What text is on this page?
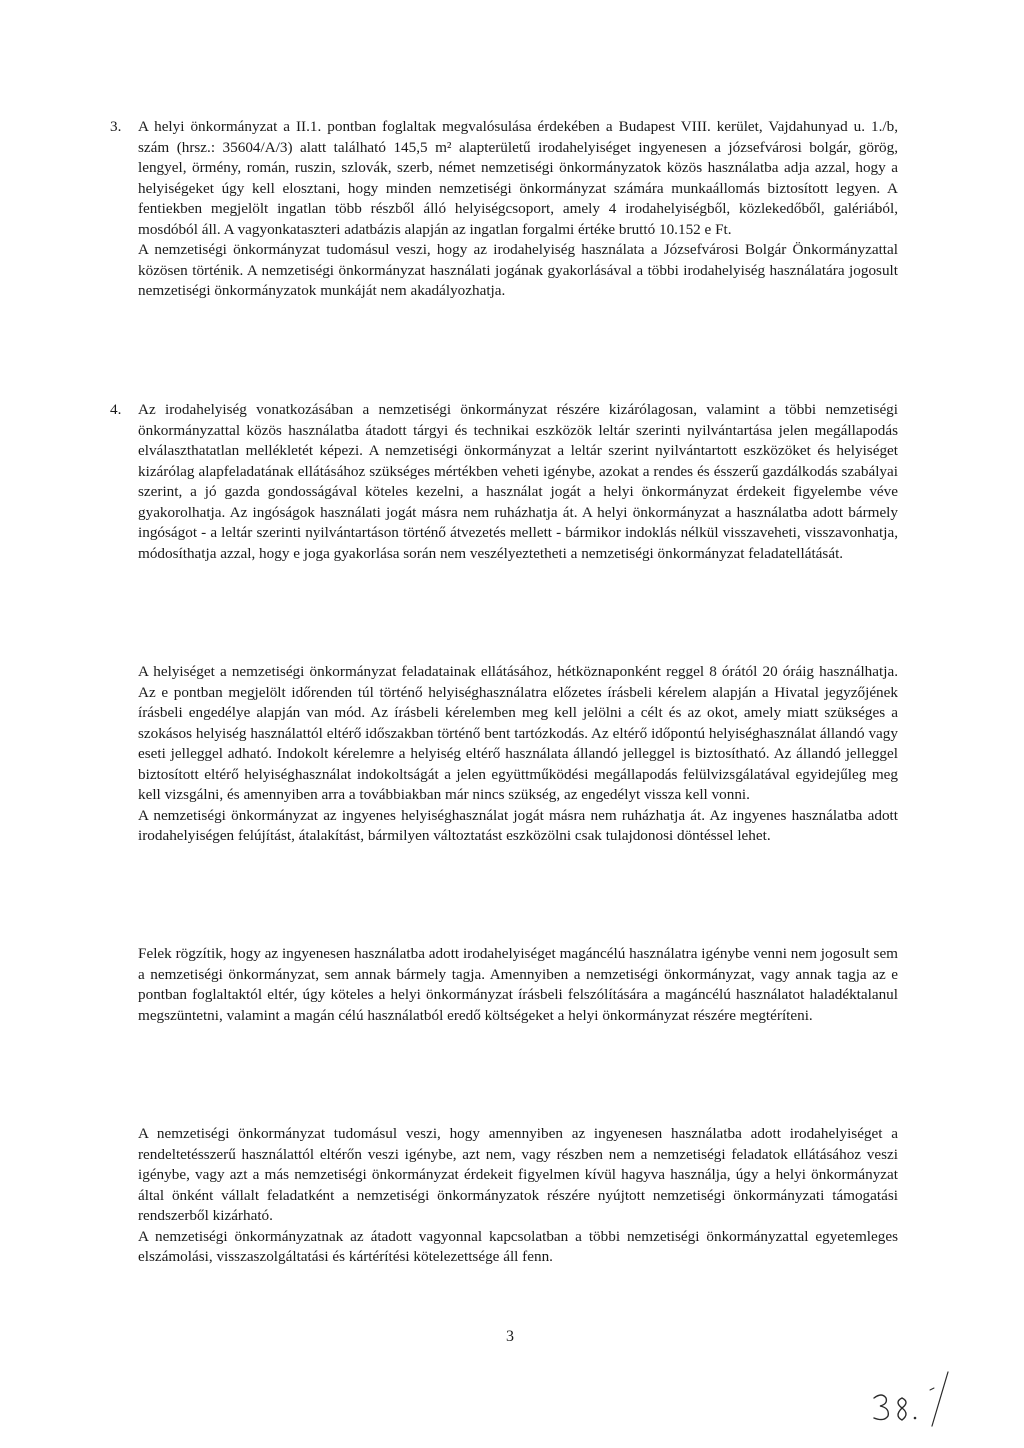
3. A helyi önkormányzat a II.1. pontban foglaltak megvalósulása érdekében a Budapest VIII. kerület, Vajdahunyad u. 1./b, szám (hrsz.: 35604/A/3) alatt található 145,5 m² alapterületű irodahelyiséget ingyenesen a józsefvárosi bolgár, görög, lengyel, örmény, román, ruszin, szlovák, szerb, német nemzetiségi önkormányzatok közös használatba adja azzal, hogy a helyiségeket úgy kell elosztani, hogy minden nemzetiségi önkormányzat számára munkaállomás biztosított legyen. A fentiekben megjelölt ingatlan több részből álló helyiségcsoport, amely 4 irodahelyiségből, közlekedőből, galériából, mosdóból áll. A vagyonkataszteri adatbázis alapján az ingatlan forgalmi értéke bruttó 10.152 e Ft.

A nemzetiségi önkormányzat tudomásul veszi, hogy az irodahelyiség használata a Józsefvárosi Bolgár Önkormányzattal közösen történik. A nemzetiségi önkormányzat használati jogának gyakorlásával a többi irodahelyiség használatára jogosult nemzetiségi önkormányzatok munkáját nem akadályozhatja.

4. Az irodahelyiség vonatkozásában a nemzetiségi önkormányzat részére kizárólagosan, valamint a többi nemzetiségi önkormányzattal közös használatba átadott tárgyi és technikai eszközök leltár szerinti nyilvántartása jelen megállapodás elválaszthatatlan mellékletét képezi. A nemzetiségi önkormányzat a leltár szerint nyilvántartott eszközöket és helyiséget kizárólag alapfeladatának ellátásához szükséges mértékben veheti igénybe, azokat a rendes és ésszerű gazdálkodás szabályai szerint, a jó gazda gondosságával köteles kezelni, a használat jogát a helyi önkormányzat érdekeit figyelembe véve gyakorolhatja. Az ingóságok használati jogát másra nem ruházhatja át. A helyi önkormányzat a használatba adott bármely ingóságot - a leltár szerinti nyilvántartáson történő átvezetés mellett - bármikor indoklás nélkül visszaveheti, visszavonhatja, módosíthatja azzal, hogy e joga gyakorlása során nem veszélyeztetheti a nemzetiségi önkormányzat feladatellátását.

A helyiséget a nemzetiségi önkormányzat feladatainak ellátásához, hétköznaponként reggel 8 órától 20 óráig használhatja. Az e pontban megjelölt időrenden túl történő helyiséghasználatra előzetes írásbeli kérelem alapján a Hivatal jegyzőjének írásbeli engedélye alapján van mód. Az írásbeli kérelemben meg kell jelölni a célt és az okot, amely miatt szükséges a szokásos helyiség használattól eltérő időszakban történő bent tartózkodás. Az eltérő időpontú helyiséghasználat állandó vagy eseti jelleggel adható. Indokolt kérelemre a helyiség eltérő használata állandó jelleggel is biztosítható. Az állandó jelleggel biztosított eltérő helyiséghasználat indokoltságát a jelen együttműködési megállapodás felülvizsgálatával egyidejűleg meg kell vizsgálni, és amennyiben arra a továbbiakban már nincs szükség, az engedélyt vissza kell vonni.

A nemzetiségi önkormányzat az ingyenes helyiséghasználat jogát másra nem ruházhatja át. Az ingyenes használatba adott irodahelyiségen felújítást, átalakítást, bármilyen változtatást eszközölni csak tulajdonosi döntéssel lehet.

Felek rögzítik, hogy az ingyenesen használatba adott irodahelyiséget magáncélú használatra igénybe venni nem jogosult sem a nemzetiségi önkormányzat, sem annak bármely tagja. Amennyiben a nemzetiségi önkormányzat, vagy annak tagja az e pontban foglaltaktól eltér, úgy köteles a helyi önkormányzat írásbeli felszólítására a magáncélú használatot haladéktalanul megszüntetni, valamint a magán célú használatból eredő költségeket a helyi önkormányzat részére megtéríteni.

A nemzetiségi önkormányzat tudomásul veszi, hogy amennyiben az ingyenesen használatba adott irodahelyiséget a rendeltetésszerű használattól eltérőn veszi igénybe, azt nem, vagy részben nem a nemzetiségi feladatok ellátásához veszi igénybe, vagy azt a más nemzetiségi önkormányzat érdekeit figyelmen kívül hagyva használja, úgy a helyi önkormányzat által önként vállalt feladatként a nemzetiségi önkormányzatok részére nyújtott nemzetiségi önkormányzati támogatási rendszerből kizárható.

A nemzetiségi önkormányzatnak az átadott vagyonnal kapcsolatban a többi nemzetiségi önkormányzattal egyetemleges elszámolási, visszaszolgáltatási és kártérítési kötelezettsége áll fenn.

3
